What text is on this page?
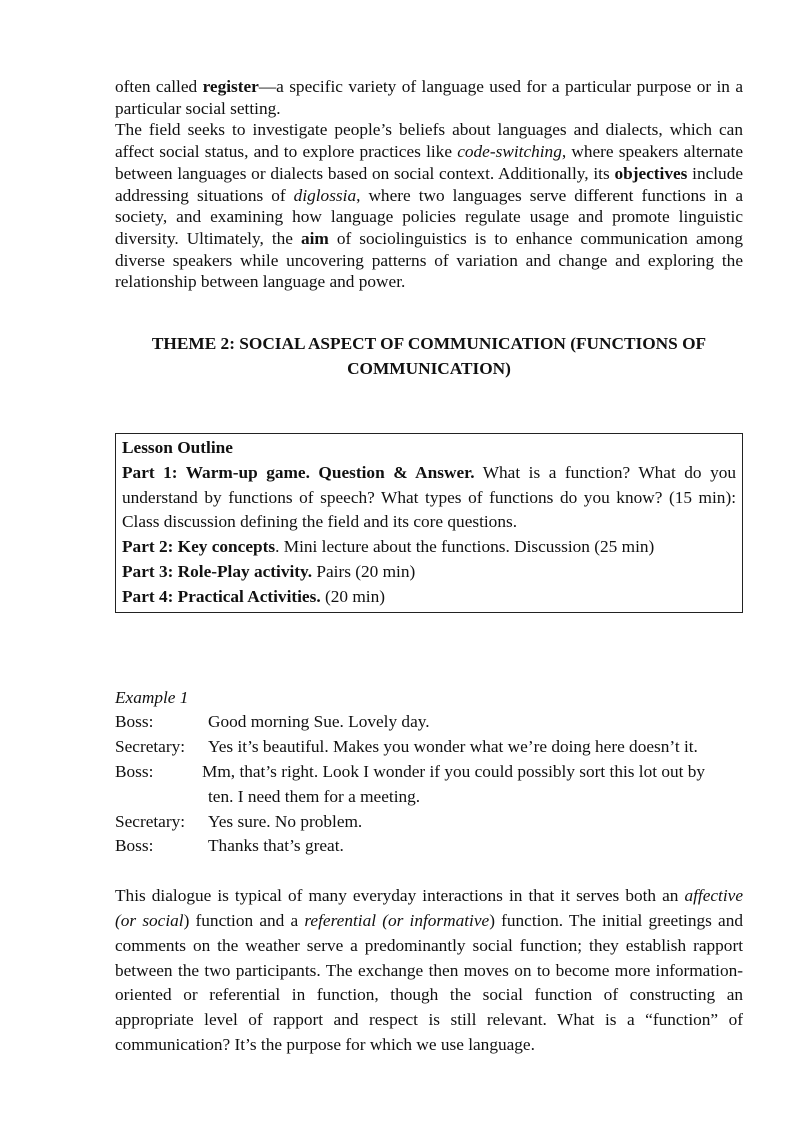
often called register—a specific variety of language used for a particular purpose or in a particular social setting.

The field seeks to investigate people’s beliefs about languages and dialects, which can affect social status, and to explore practices like code-switching, where speakers alternate between languages or dialects based on social context. Additionally, its objectives include addressing situations of diglossia, where two languages serve different functions in a society, and examining how language policies regulate usage and promote linguistic diversity. Ultimately, the aim of sociolinguistics is to enhance communication among diverse speakers while uncovering patterns of variation and change and exploring the relationship between language and power.

THEME 2: SOCIAL ASPECT OF COMMUNICATION (FUNCTIONS OF
COMMUNICATION)

Lesson Outline

Part 1: Warm-up game. Question & Answer. What is a function? What do you understand by functions of speech? What types of functions do you know? (15 min): Class discussion defining the field and its core questions.

Part 2: Key concepts. Mini lecture about the functions. Discussion (25 min)

Part 3: Role-Play activity. Pairs (20 min)

Part 4: Practical Activities. (20 min)

Example 1

Boss:	Good morning Sue. Lovely day.
Secretary:	Yes it’s beautiful. Makes you wonder what we’re doing here doesn’t it.
Boss:	Mm, that’s right. Look I wonder if you could possibly sort this lot out by
ten. I need them for a meeting.
Secretary:	Yes sure. No problem.
Boss:	Thanks that’s great.

This dialogue is typical of many everyday interactions in that it serves both an affective (or social) function and a referential (or informative) function. The initial greetings and comments on the weather serve a predominantly social function; they establish rapport between the two participants. The exchange then moves on to become more information-oriented or referential in function, though the social function of constructing an appropriate level of rapport and respect is still relevant. What is a “function” of communication? It’s the purpose for which we use language.
